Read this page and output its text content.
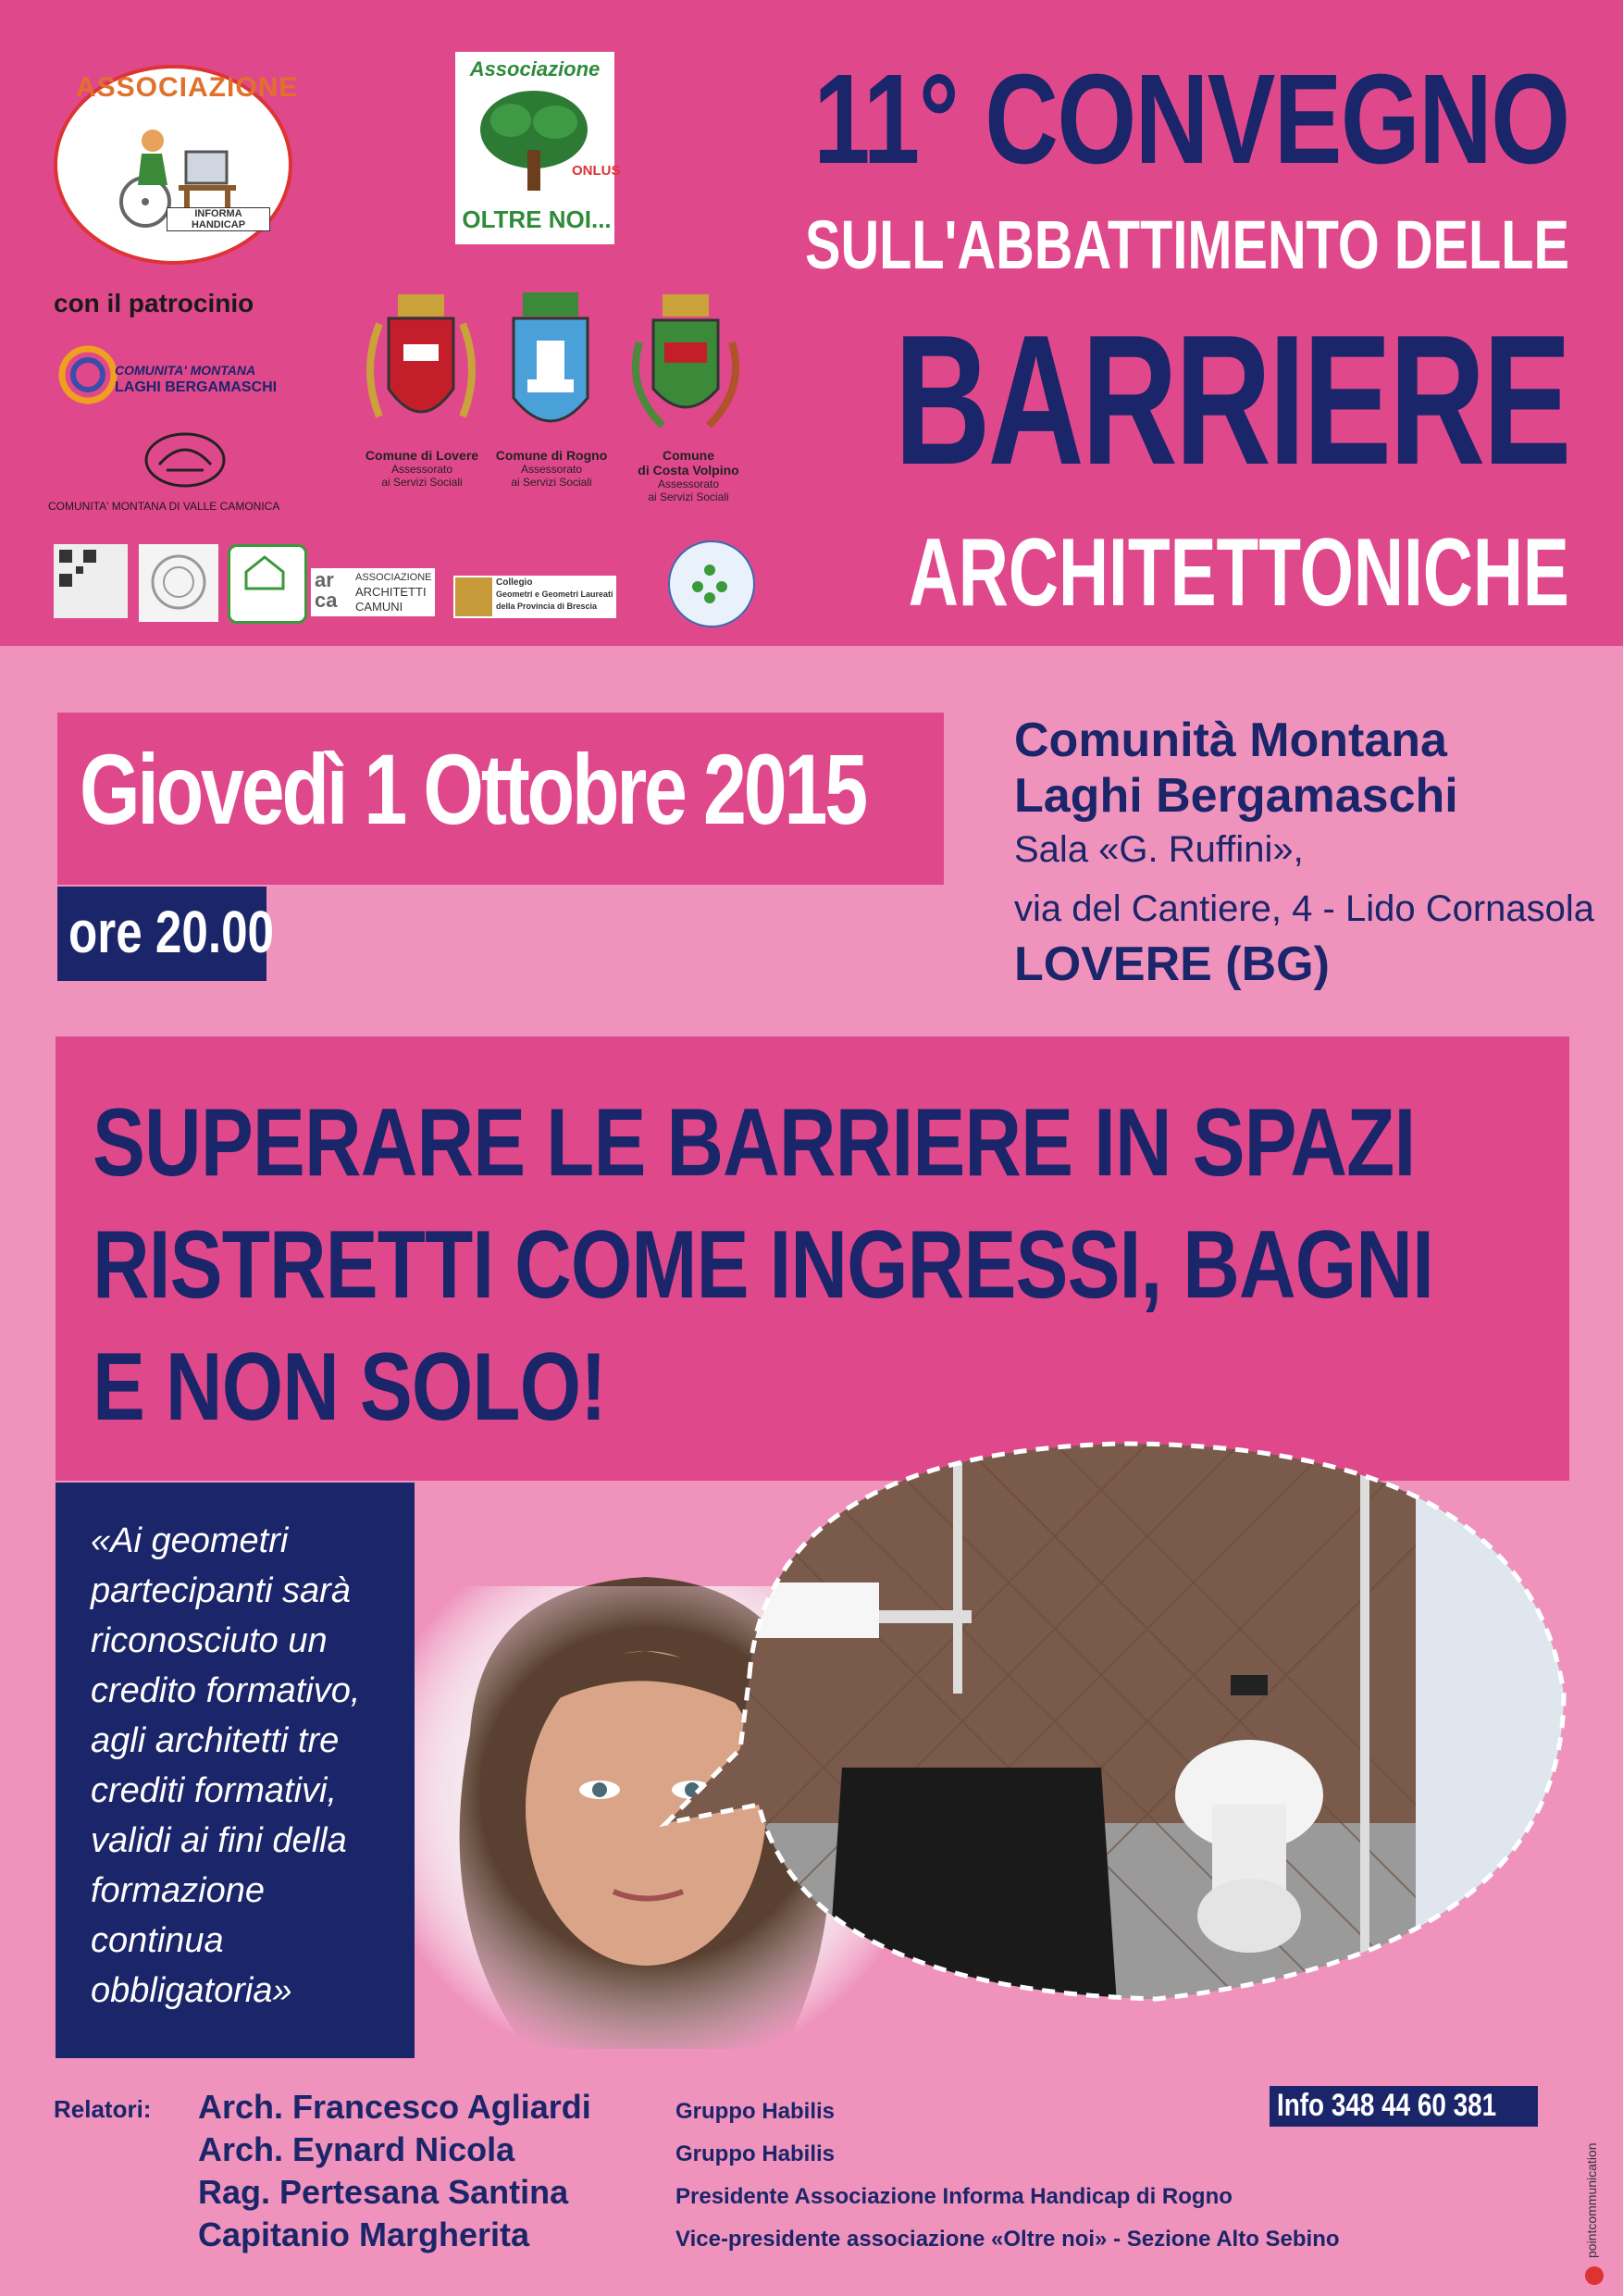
ASSOCIAZIONE
INFORMA HANDICAP
Associazione
ONLUS
OLTRE NOI...
con il patrocinio
COMUNITA' MONTANA
LAGHI BERGAMASCHI
COMUNITA' MONTANA DI VALLE CAMONICA
Comune di Lovere
Assessorato
ai Servizi Sociali
Comune di Rogno
Assessorato
ai Servizi Sociali
Comune
di Costa Volpino
Assessorato
ai Servizi Sociali
ar
ca
ASSOCIAZIONE
ARCHITETTI
CAMUNI
Collegio
Geometri e Geometri Laureati
della Provincia di Brescia
11° CONVEGNO
SULL'ABBATTIMENTO DELLE
BARRIERE
ARCHITETTONICHE
Giovedì 1 Ottobre 2015
ore 20.00
Comunità Montana
Laghi Bergamaschi
Sala «G. Ruffini»,
via del Cantiere, 4 - Lido Cornasola
LOVERE (BG)
SUPERARE LE BARRIERE IN SPAZI
RISTRETTI COME INGRESSI, BAGNI
E NON SOLO!
«Ai geometri
partecipanti sarà
riconosciuto un
credito formativo,
agli architetti tre
crediti formativi,
validi ai fini della
formazione
continua
obbligatoria»
Relatori: Arch. Francesco Agliardi
Arch. Eynard Nicola
Rag. Pertesana Santina
Capitanio Margherita
Gruppo Habilis
Gruppo Habilis
Presidente Associazione Informa Handicap di Rogno
Vice-presidente associazione «Oltre noi» - Sezione Alto Sebino
Info 348 44 60 381
pointcommunication
